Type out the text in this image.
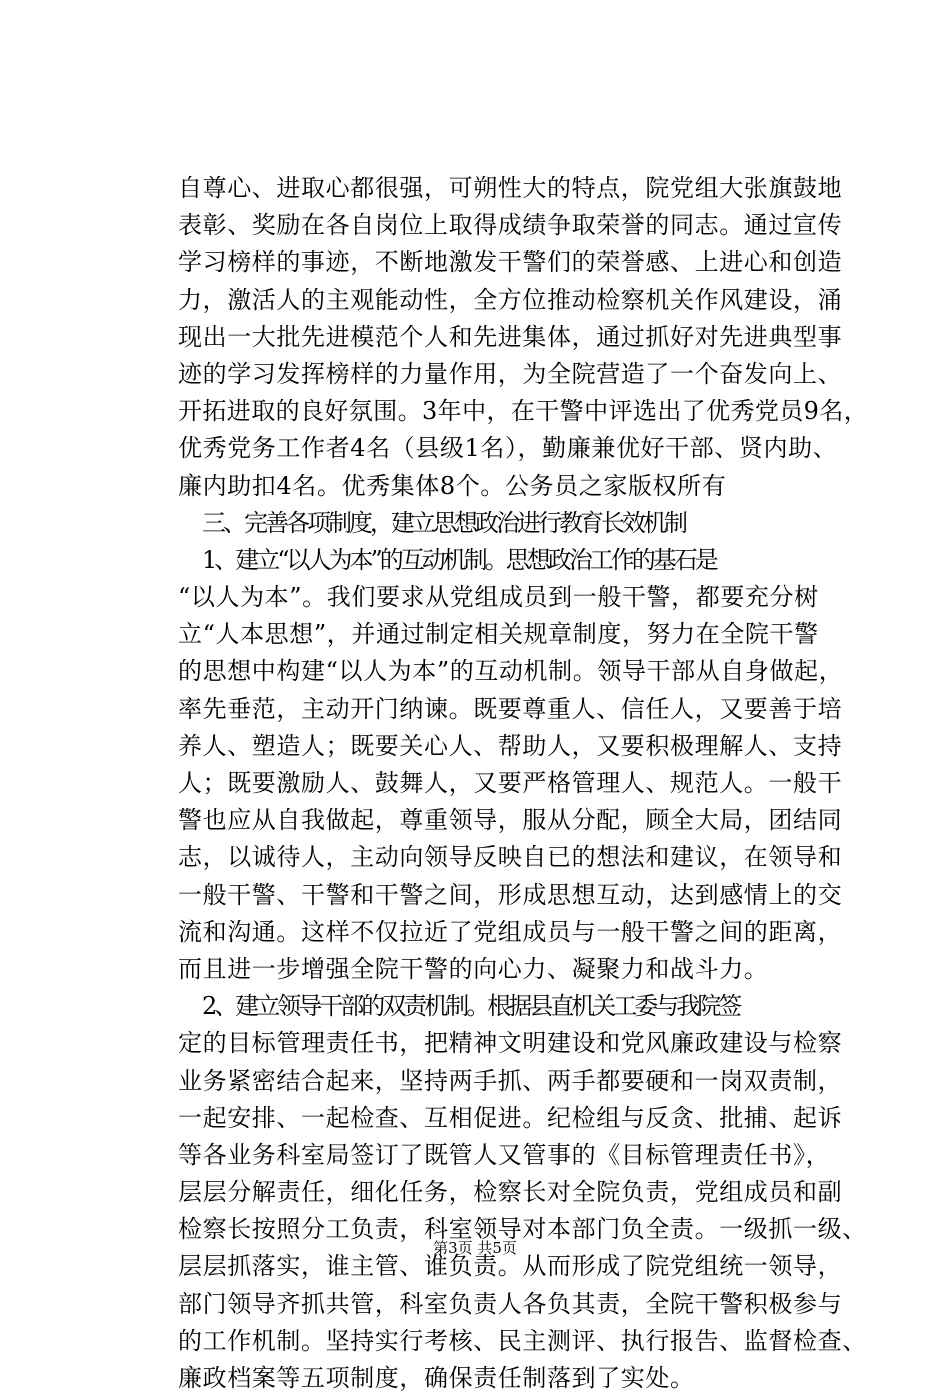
自尊心、进取心都很强，可朔性大的特点，院党组大张旗鼓地
表彰、奖励在各自岗位上取得成绩争取荣誉的同志。通过宣传
学习榜样的事迹，不断地激发干警们的荣誉感、上进心和创造
力，激活人的主观能动性，全方位推动检察机关作风建设，涌
现出一大批先进模范个人和先进集体，通过抓好对先进典型事
迹的学习发挥榜样的力量作用，为全院营造了一个奋发向上、
开拓进取的良好氛围。3年中，在干警中评选出了优秀党员9名，
优秀党务工作者4名（县级1名），勤廉兼优好干部、贤内助、
廉内助扣4名。优秀集体8个。公务员之家版权所有
三、完善各项制度，建立思想政治进行教育长效机制
1、建立“以人为本”的互动机制。思想政治工作的基石是
“以人为本”。我们要求从党组成员到一般干警，都要充分树
立“人本思想”，并通过制定相关规章制度，努力在全院干警
的思想中构建“以人为本”的互动机制。领导干部从自身做起，
率先垂范，主动开门纳谏。既要尊重人、信任人，又要善于培
养人、塑造人；既要关心人、帮助人，又要积极理解人、支持
人；既要激励人、鼓舞人，又要严格管理人、规范人。一般干
警也应从自我做起，尊重领导，服从分配，顾全大局，团结同
志，以诚待人，主动向领导反映自已的想法和建议，在领导和
一般干警、干警和干警之间，形成思想互动，达到感情上的交
流和沟通。这样不仅拉近了党组成员与一般干警之间的距离，
而且进一步增强全院干警的向心力、凝聚力和战斗力。
2、建立领导干部的双责机制。根据县直机关工委与我院签
定的目标管理责任书，把精神文明建设和党风廉政建设与检察
业务紧密结合起来，坚持两手抓、两手都要硬和一岗双责制，
一起安排、一起检查、互相促进。纪检组与反贪、批捕、起诉
等各业务科室局签订了既管人又管事的《目标管理责任书》，
层层分解责任，细化任务，检察长对全院负责，党组成员和副
检察长按照分工负责，科室领导对本部门负全责。一级抓一级、
层层抓落实，谁主管、谁负责。从而形成了院党组统一领导，
部门领导齐抓共管，科室负责人各负其责，全院干警积极参与
的工作机制。坚持实行考核、民主测评、执行报告、监督检查、
廉政档案等五项制度，确保责任制落到了实处。
第3页 共5页
